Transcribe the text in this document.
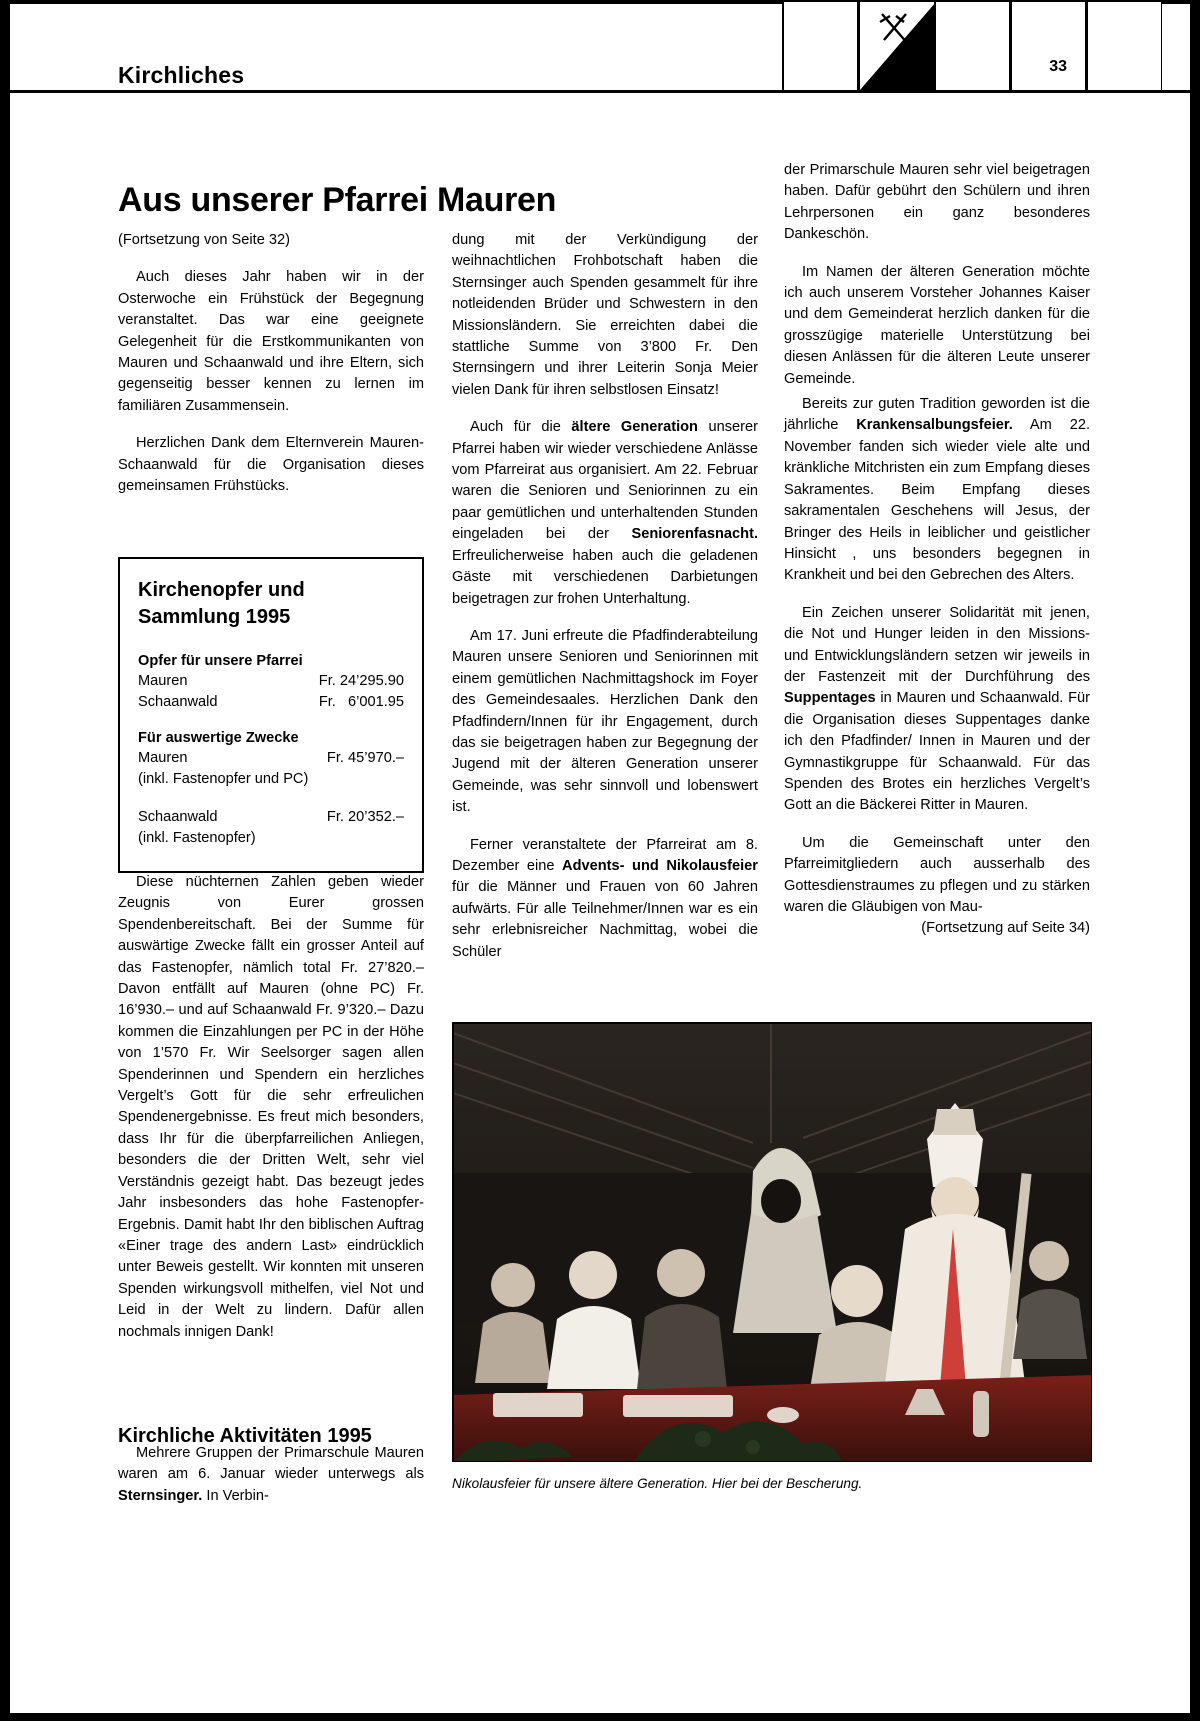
Kirchliches	33
Aus unserer Pfarrei Mauren

(Fortsetzung von Seite 32)

Auch dieses Jahr haben wir in der Osterwoche ein Frühstück der Begegnung veranstaltet. Das war eine geeignete Gelegenheit für die Erstkommunikanten von Mauren und Schaanwald und ihre Eltern, sich gegenseitig besser kennen zu lernen im familiären Zusammensein.

Herzlichen Dank dem Elternverein Mauren-Schaanwald für die Organisation dieses gemeinsamen Frühstücks.

Kirchenopfer und Sammlung 1995
Opfer für unsere Pfarrei
Mauren	Fr. 24’295.90
Schaanwald	Fr.   6’001.95
Für auswertige Zwecke
Mauren	Fr. 45’970.–
(inkl. Fastenopfer und PC)
Schaanwald	Fr. 20’352.–
(inkl. Fastenopfer)

Diese nüchternen Zahlen geben wieder Zeugnis von Eurer grossen Spendenbereitschaft. Bei der Summe für auswärtige Zwecke fällt ein grosser Anteil auf das Fastenopfer, nämlich total Fr. 27’820.– Davon entfällt auf Mauren (ohne PC) Fr. 16’930.– und auf Schaanwald Fr. 9’320.– Dazu kommen die Einzahlungen per PC in der Höhe von 1’570 Fr. Wir Seelsorger sagen allen Spenderinnen und Spendern ein herzliches Vergelt’s Gott für die sehr erfreulichen Spendenergebnisse. Es freut mich besonders, dass Ihr für die überpfarreilichen Anliegen, besonders die der Dritten Welt, sehr viel Verständnis gezeigt habt. Das bezeugt jedes Jahr insbesonders das hohe Fastenopfer-Ergebnis. Damit habt Ihr den biblischen Auftrag «Einer trage des andern Last» eindrücklich unter Beweis gestellt. Wir konnten mit unseren Spenden wirkungsvoll mithelfen, viel Not und Leid in der Welt zu lindern. Dafür allen nochmals innigen Dank!

Kirchliche Aktivitäten 1995

Mehrere Gruppen der Primarschule Mauren waren am 6. Januar wieder unterwegs als Sternsinger. In Verbin-

dung mit der Verkündigung der weihnachtlichen Frohbotschaft haben die Sternsinger auch Spenden gesammelt für ihre notleidenden Brüder und Schwestern in den Missionsländern. Sie erreichten dabei die stattliche Summe von 3’800 Fr. Den Sternsingern und ihrer Leiterin Sonja Meier vielen Dank für ihren selbstlosen Einsatz!

Auch für die ältere Generation unserer Pfarrei haben wir wieder verschiedene Anlässe vom Pfarreirat aus organisiert. Am 22. Februar waren die Senioren und Seniorinnen zu ein paar gemütlichen und unterhaltenden Stunden eingeladen bei der Seniorenfasnacht. Erfreulicherweise haben auch die geladenen Gäste mit verschiedenen Darbietungen beigetragen zur frohen Unterhaltung.

Am 17. Juni erfreute die Pfadfinderabteilung Mauren unsere Senioren und Seniorinnen mit einem gemütlichen Nachmittagshock im Foyer des Gemeindesaales. Herzlichen Dank den Pfadfindern/Innen für ihr Engagement, durch das sie beigetragen haben zur Begegnung der Jugend mit der älteren Generation unserer Gemeinde, was sehr sinnvoll und lobenswert ist.

Ferner veranstaltete der Pfarreirat am 8. Dezember eine Advents- und Nikolausfeier für die Männer und Frauen von 60 Jahren aufwärts. Für alle Teilnehmer/Innen war es ein sehr erlebnisreicher Nachmittag, wobei die Schüler

der Primarschule Mauren sehr viel beigetragen haben. Dafür gebührt den Schülern und ihren Lehrpersonen ein ganz besonderes Dankeschön.

Im Namen der älteren Generation möchte ich auch unserem Vorsteher Johannes Kaiser und dem Gemeinderat herzlich danken für die grosszügige materielle Unterstützung bei diesen Anlässen für die älteren Leute unserer Gemeinde.

Bereits zur guten Tradition geworden ist die jährliche Krankensalbungsfeier. Am 22. November fanden sich wieder viele alte und kränkliche Mitchristen ein zum Empfang dieses Sakramentes. Beim Empfang dieses sakramentalen Geschehens will Jesus, der Bringer des Heils in leiblicher und geistlicher Hinsicht , uns besonders begegnen in Krankheit und bei den Gebrechen des Alters.

Ein Zeichen unserer Solidarität mit jenen, die Not und Hunger leiden in den Missions- und Entwicklungsländern setzen wir jeweils in der Fastenzeit mit der Durchführung des Suppentages in Mauren und Schaanwald. Für die Organisation dieses Suppentages danke ich den Pfadfinder/ Innen in Mauren und der Gymnastikgruppe für Schaanwald. Für das Spenden des Brotes ein herzliches Vergelt’s Gott an die Bäckerei Ritter in Mauren.

Um die Gemeinschaft unter den Pfarreimitgliedern auch ausserhalb des Gottesdienstraumes zu pflegen und zu stärken waren die Gläubigen von Mau-

(Fortsetzung auf Seite 34)

Nikolausfeier für unsere ältere Generation. Hier bei der Bescherung.
